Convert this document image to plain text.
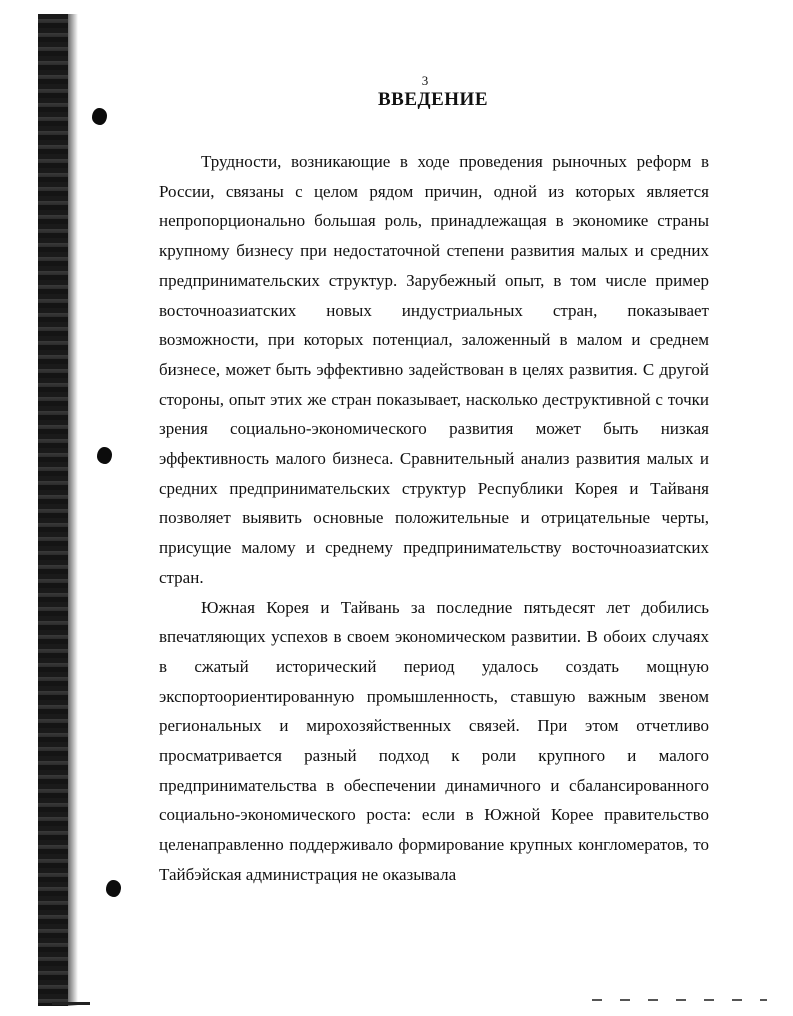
3
ВВЕДЕНИЕ

Трудности, возникающие в ходе проведения рыночных реформ в России, связаны с целом рядом причин, одной из которых является непропорционально большая роль, принадлежащая в экономике страны крупному бизнесу при недостаточной степени развития малых и средних предпринимательских структур. Зарубежный опыт, в том числе пример восточноазиатских новых индустриальных стран, показывает возможности, при которых потенциал, заложенный в малом и среднем бизнесе, может быть эффективно задействован в целях развития. С другой стороны, опыт этих же стран показывает, насколько деструктивной с точки зрения социально-экономического развития может быть низкая эффективность малого бизнеса. Сравнительный анализ развития малых и средних предпринимательских структур Республики Корея и Тайваня позволяет выявить основные положительные и отрицательные черты, присущие малому и среднему предпринимательству восточноазиатских стран.

Южная Корея и Тайвань за последние пятьдесят лет добились впечатляющих успехов в своем экономическом развитии. В обоих случаях в сжатый исторический период удалось создать мощную экспортоориентированную промышленность, ставшую важным звеном региональных и мирохозяйственных связей. При этом отчетливо просматривается разный подход к роли крупного и малого предпринимательства в обеспечении динамичного и сбалансированного социально-экономического роста: если в Южной Корее правительство целенаправленно поддерживало формирование крупных конгломератов, то Тайбэйская администрация не оказывала
